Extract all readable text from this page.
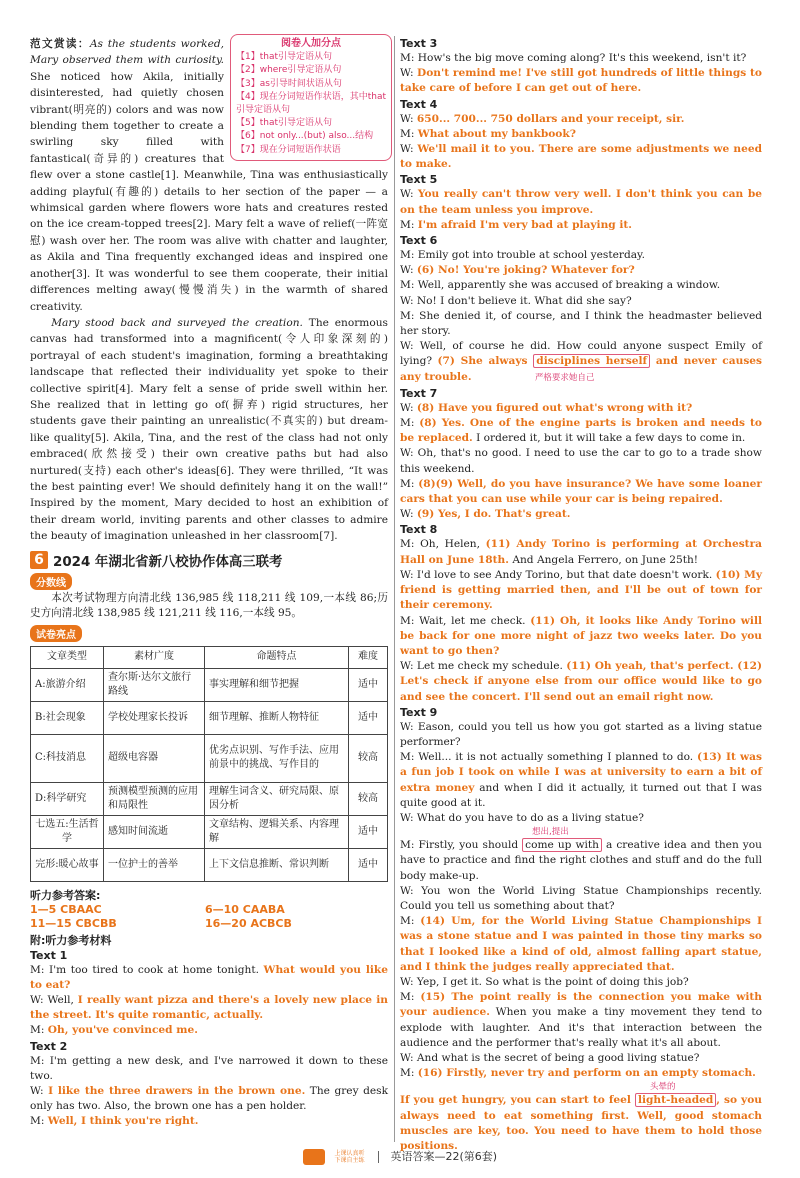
阅卷人加分点
【1】that引导定语从句
【2】where引导定语从句
【3】as引导时间状语从句
【4】现在分词短语作状语，其中that引导定语从句
【5】that引导定语从句
【6】not only...(but) also...结构
【7】现在分词短语作状语

范文赏读：As the students worked, Mary observed them with curiosity. She noticed how Akila, initially disinterested, had quietly chosen vibrant(明亮的) colors and was now blending them together to create a swirling sky filled with fantastical(奇异的) creatures that flew over a stone castle[1]. Meanwhile, Tina was enthusiastically adding playful(有趣的) details to her section of the paper — a whimsical garden where flowers wore hats and creatures rested on the ice cream-topped trees[2]. Mary felt a wave of relief(一阵宽慰) wash over her. The room was alive with chatter and laughter, as Akila and Tina frequently exchanged ideas and inspired one another[3]. It was wonderful to see them cooperate, their initial differences melting away(慢慢消失) in the warmth of shared creativity.

Mary stood back and surveyed the creation. The enormous canvas had transformed into a magnificent(令人印象深刻的) portrayal of each student's imagination, forming a breathtaking landscape that reflected their individuality yet spoke to their collective spirit[4]. Mary felt a sense of pride swell within her. She realized that in letting go of(摒弃) rigid structures, her students gave their painting an unrealistic(不真实的) but dream-like quality[5]. Akila, Tina, and the rest of the class had not only embraced(欣然接受) their own creative paths but had also nurtured(支持) each other's ideas[6]. They were thrilled, “It was the best painting ever! We should definitely hang it on the wall!” Inspired by the moment, Mary decided to host an exhibition of their dream world, inviting parents and other classes to admire the beauty of imagination unleashed in her classroom[7].

6 2024 年湖北省新八校协作体高三联考
分数线

本次考试物理方向清北线 136,985 线 118,211 线 109,一本线 86;历史方向清北线 138,985 线 121,211 线 116,一本线 95。

试卷亮点
文章类型	素材广度	命题特点	难度
A:旅游介绍	查尔斯·达尔文旅行路线	事实理解和细节把握	适中
B:社会现象	学校处理家长投诉	细节理解、推断人物特征	适中
C:科技消息	超级电容器	优劣点识别、写作手法、应用前景中的挑战、写作目的	较高
D:科学研究	预测模型预测的应用和局限性	理解生词含义、研究局限、原因分析	较高
七选五:生活哲学	感知时间流逝	文章结构、逻辑关系、内容理解	适中
完形:暖心故事	一位护士的善举	上下文信息推断、常识判断	适中
听力参考答案:
1—5 CBAAC	6—10 CAABA
11—15 CBCBB	16—20 ACBCB
附:听力参考材料
Text 1

M: I'm too tired to cook at home tonight. What would you like to eat?

W: Well, I really want pizza and there's a lovely new place in the street. It's quite romantic, actually.

M: Oh, you've convinced me.

Text 2

M: I'm getting a new desk, and I've narrowed it down to these two.

W: I like the three drawers in the brown one. The grey desk only has two. Also, the brown one has a pen holder.

M: Well, I think you're right.

Text 3

M: How's the big move coming along? It's this weekend, isn't it?

W: Don't remind me! I've still got hundreds of little things to take care of before I can get out of here.

Text 4

W: 650... 700... 750 dollars and your receipt, sir.

M: What about my bankbook?

W: We'll mail it to you. There are some adjustments we need to make.

Text 5

W: You really can't throw very well. I don't think you can be on the team unless you improve.

M: I'm afraid I'm very bad at playing it.

Text 6

M: Emily got into trouble at school yesterday.

W: (6) No! You're joking? Whatever for?

M: Well, apparently she was accused of breaking a window.

W: No! I don't believe it. What did she say?

M: She denied it, of course, and I think the headmaster believed her story.

W: Well, of course he did. How could anyone suspect Emily of lying? (7) She always disciplines herself and never causes any trouble.	严格要求她自己

Text 7

W: (8) Have you figured out what's wrong with it?

M: (8) Yes. One of the engine parts is broken and needs to be replaced. I ordered it, but it will take a few days to come in.

W: Oh, that's no good. I need to use the car to go to a trade show this weekend.

M: (8)(9) Well, do you have insurance? We have some loaner cars that you can use while your car is being repaired.

W: (9) Yes, I do. That's great.

Text 8

M: Oh, Helen, (11) Andy Torino is performing at Orchestra Hall on June 18th. And Angela Ferrero, on June 25th!

W: I'd love to see Andy Torino, but that date doesn't work. (10) My friend is getting married then, and I'll be out of town for their ceremony.

M: Wait, let me check. (11) Oh, it looks like Andy Torino will be back for one more night of jazz two weeks later. Do you want to go then?

W: Let me check my schedule. (11) Oh yeah, that's perfect. (12) Let's check if anyone else from our office would like to go and see the concert. I'll send out an email right now.

Text 9

W: Eason, could you tell us how you got started as a living statue performer?

M: Well... it is not actually something I planned to do. (13) It was a fun job I took on while I was at university to earn a bit of extra money and when I did it actually, it turned out that I was quite good at it.

W: What do you have to do as a living statue?

想出,提出

M: Firstly, you should come up with a creative idea and then you have to practice and find the right clothes and stuff and do the full body make-up.

W: You won the World Living Statue Championships recently. Could you tell us something about that?

M: (14) Um, for the World Living Statue Championships I was a stone statue and I was painted in those tiny marks so that I looked like a kind of old, almost falling apart statue, and I think the judges really appreciated that.

W: Yep, I get it. So what is the point of doing this job?

M: (15) The point really is the connection you make with your audience. When you make a tiny movement they tend to explode with laughter. And it's that interaction between the audience and the performer that's really what it's all about.

W: And what is the secret of being a good living statue?

M: (16) Firstly, never try and perform on an empty stomach.

头晕的

If you get hungry, you can start to feel light-headed , so you always need to eat something first. Well, good stomach muscles are key, too. You need to have them to hold those positions.

上课认真听 下课自主练 英语答案—22(第6套)
